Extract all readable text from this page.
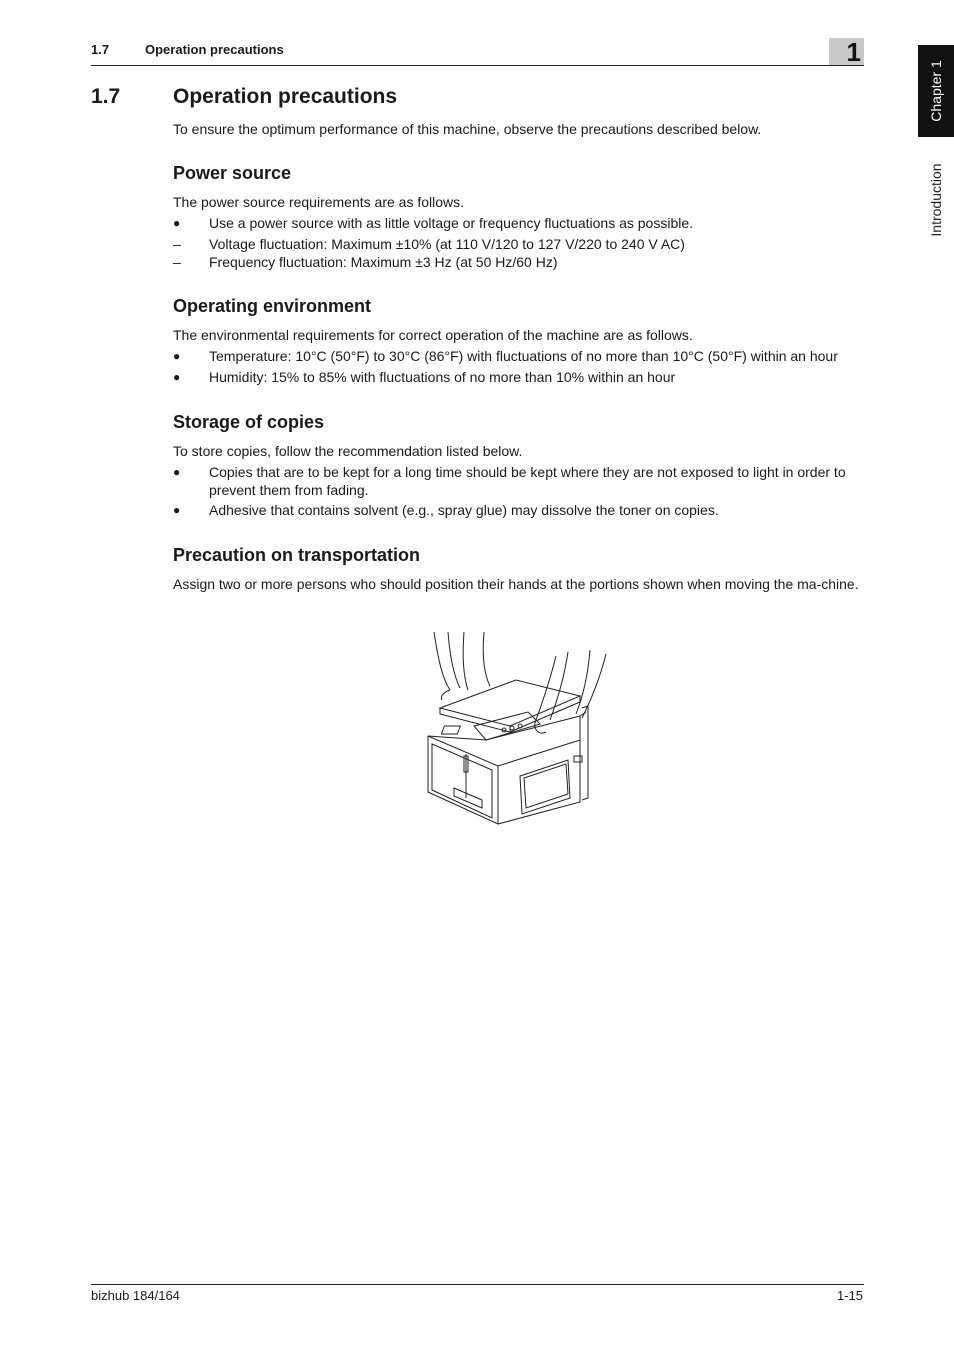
1.7	Operation precautions	1
Chapter 1
Introduction
1.7	Operation precautions
To ensure the optimum performance of this machine, observe the precautions described below.
Power source
The power source requirements are as follows.
● Use a power source with as little voltage or frequency fluctuations as possible.
– Voltage fluctuation: Maximum ±10% (at 110 V/120 to 127 V/220 to 240 V AC)
– Frequency fluctuation: Maximum ±3 Hz (at 50 Hz/60 Hz)
Operating environment
The environmental requirements for correct operation of the machine are as follows.
● Temperature: 10°C (50°F) to 30°C (86°F) with fluctuations of no more than 10°C (50°F) within an hour
● Humidity: 15% to 85% with fluctuations of no more than 10% within an hour
Storage of copies
To store copies, follow the recommendation listed below.
● Copies that are to be kept for a long time should be kept where they are not exposed to light in order to prevent them from fading.
● Adhesive that contains solvent (e.g., spray glue) may dissolve the toner on copies.
Precaution on transportation
Assign two or more persons who should position their hands at the portions shown when moving the ma-chine.
bizhub 184/164	1-15
